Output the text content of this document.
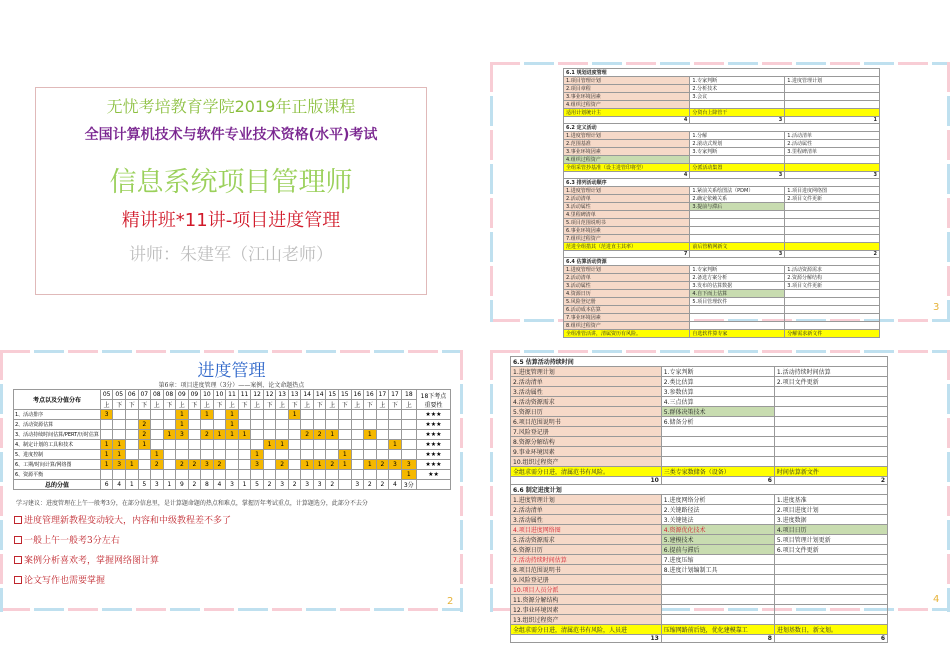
无忧考培教育学院2019年正版课程
全国计算机技术与软件专业技术资格(水平)考试
信息系统项目管理师
精讲班*11讲-项目进度管理
讲师：朱建军（江山老师）
进度管理
第6章：项目进度管理（3分）——案例、论文命题热点
考点以及分值分布	05	05	06	07	08	08	09	09	10	10	11	11	12	12	13	13	14	14	15	15	16	16	17	17	18	18下考点重要性
	上	下	下	下	上	下	上	下	上	下	上	下	上	下	上	下	上	下	上	下	上	下	上	下	上	
1、活动排序	3						1		1		1					1										★★★
2、活动资源估算				2			1				1															★★★
3、活动持续时间估算/PERT/历时估算				2		1	3		2	1	1	1					2	2	1			1				★★★
4、制定计划的工具和技术	1	1		1										1	1									1		★★★
5、进度控制	1	1			1								1							1						★★★
6、工期/时间计算/网络图	1	3	1		2		2	2	3	2			3		2		1	1	2	1		1	2	3	3	★★★
6、资源平衡																									1	★★
总的分值	6	4	1	5	3	1	9	2	8	4	3	1	5	2	3	2	3	3	2		3	2	2	4	3分	
学习建议：进度管理在上午一般考3分，在部分信息里，是计算题命题的热点和难点，掌握历年考试重点，计算题选分，此部分不去分
进度管理新教程变动较大，内容和中级教程差不多了
一般上午一般考3分左右
案例分析喜欢考，掌握网络图计算
论文写作也需要掌握
2
6.1 规划进度管理		
1.项目管理计划	1.专家判断	1.进度管理计划
2.项目章程	2.分析技术	
3.事业环境因素	3.会议	
4.组织过程资产		
适用计划统计主	分资台上降管干	
4	3	1
6.2 定义活动		
1.进度管理计划	1.分解	1.活动清单
2.范围基准	2.滚动式规划	2.活动属性
3.事业环境因素	3.专家判断	3.里程碑清单
4.组织过程资产		
全组采管抄基准（设主进管印将型）	分派活动集置	
4	3	3
6.3 排列活动顺序		
1.进度管理计划	1.紧前关系绘图法（PDM）	1.项目进度网络图
2.活动清单	2.确定依赖关系	2.项目文件更新
3.活动属性	3.提前与滞后	
4.里程碑清单		
5.项目范围说明书		
6.事业环境因素		
7.组织过程资产		
范进全组措其（范进直主其率）	前后管稍网新文	
7	3	2
6.4 估算活动资源		
1.进度管理计划	1.专家判断	1.活动资源需求
2.活动清单	2.备选方案分析	2.资源分解结构
3.活动属性	3.发布的估算数据	3.项目文件更新
4.资源日历	4.自下而上估算	
5.风险登记册	5.项目管理软件	
6.活动成本估算		
7.事业环境因素		
8.组织过程资产		
全组准管活讲，清属资历有风险。	自选软件算专家	分解需求新文件
3
6.5 估算活动持续时间		
1.进度管理计划	1.专家判断	1.活动持续时间估算
2.活动清单	2.类比估算	2.项目文件更新
3.活动属性	3.参数估算	
4.活动资源需求	4.三点估算	
5.资源日历	5.群体决策技术	
6.项目范围说明书	6.储备分析	
7.风险登记册		
8.资源分解结构		
9.事业环境因素		
10.组织过程资产		
全组求需分日进，清属范书有风险。	三类专家数储备（设备）	时间估算新文件
10	6	2
6.6 制定进度计划		
1.进度管理计划	1.进度网络分析	1.进度基准
2.活动清单	2.关键路径法	2.项目进度计划
3.活动属性	3.关键链法	3.进度数据
4.项目进度网络图	4.资源优化技术	4.项目日历
5.活动资源需求	5.建模技术	5.项目管理计划更新
6.资源日历	6.提前与滞后	6.项目文件更新
7.活动持续时间估算	7.进度压缩	
8.项目范围说明书	8.进度计划编制工具	
9.风险登记册		
10.项目人员分派		
11.资源分解结构		
12.事业环境因素		
13.组织过程资产		
全组求需分日进，清属范书有风险，人员进	压缩网路前后链，优化建模靠工	进划基数日，新文划。
13	8	6
4
